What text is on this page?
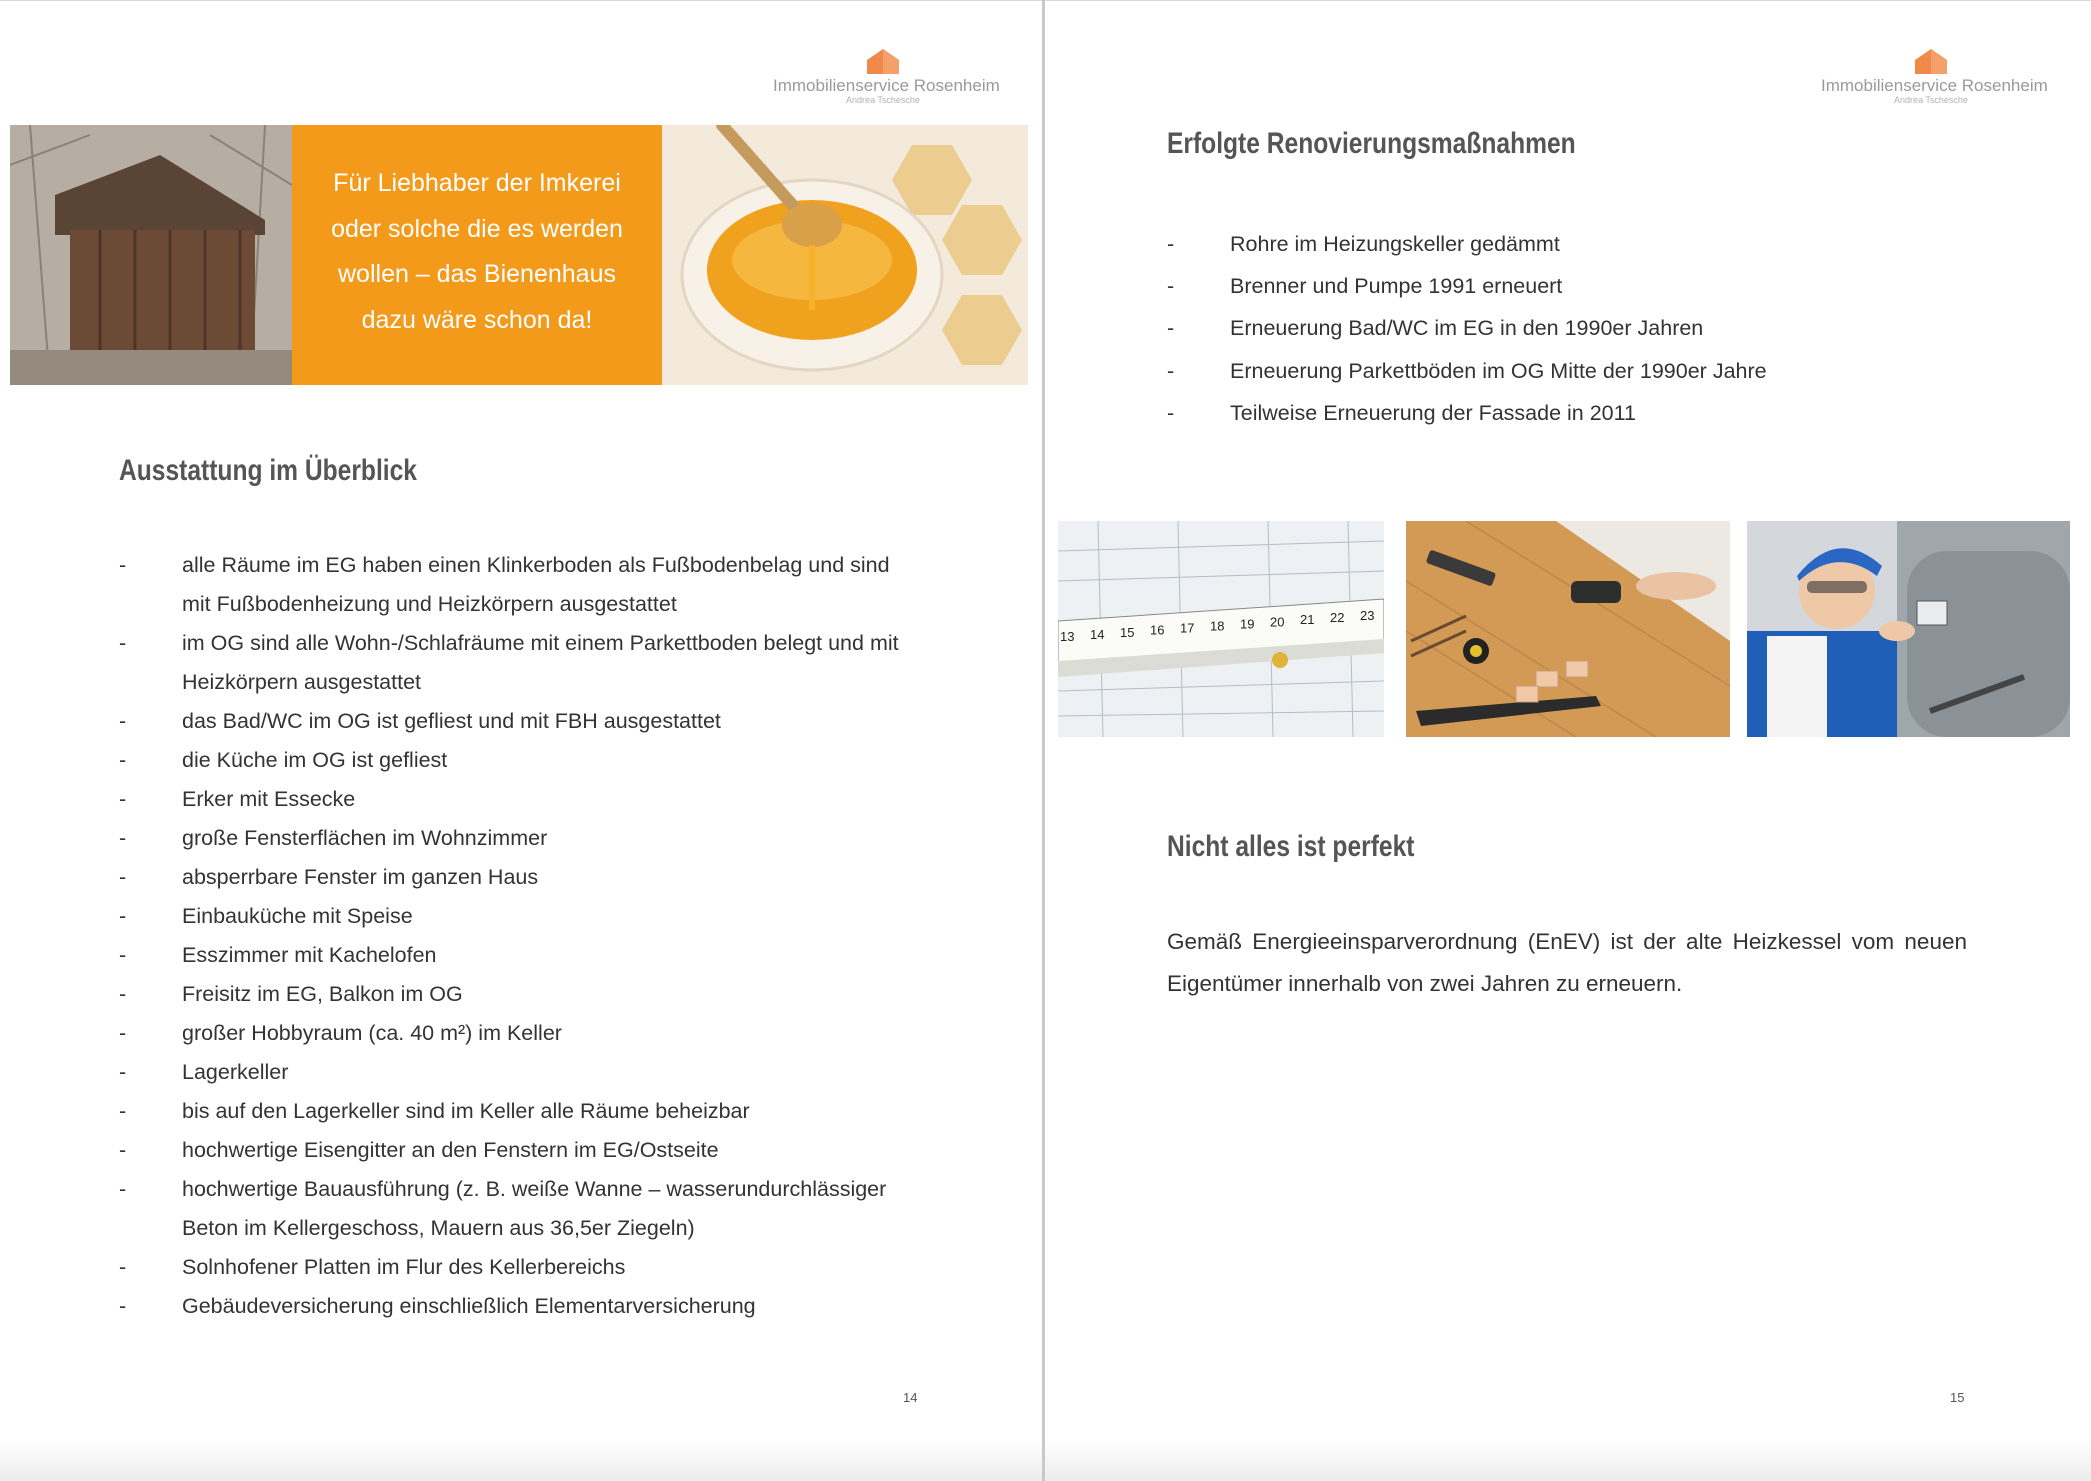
Immobilienservice Rosenheim
Andrea Tschesche
Für Liebhaber der Imkerei
oder solche die es werden
wollen – das Bienenhaus
dazu wäre schon da!
Ausstattung im Überblick
-	alle Räume im EG haben einen Klinkerboden als Fußbodenbelag und sind mit Fußbodenheizung und Heizkörpern ausgestattet
-	im OG sind alle Wohn-/Schlafräume mit einem Parkettboden belegt und mit Heizkörpern ausgestattet
-	das Bad/WC im OG ist gefliest und mit FBH ausgestattet
-	die Küche im OG ist gefliest
-	Erker mit Essecke
-	große Fensterflächen im Wohnzimmer
-	absperrbare Fenster im ganzen Haus
-	Einbauküche mit Speise
-	Esszimmer mit Kachelofen
-	Freisitz im EG, Balkon im OG
-	großer Hobbyraum (ca. 40 m²) im Keller
-	Lagerkeller
-	bis auf den Lagerkeller sind im Keller alle Räume beheizbar
-	hochwertige Eisengitter an den Fenstern im EG/Ostseite
-	hochwertige Bauausführung (z. B. weiße Wanne – wasserundurchlässiger Beton im Kellergeschoss, Mauern aus 36,5er Ziegeln)
-	Solnhofener Platten im Flur des Kellerbereichs
-	Gebäudeversicherung einschließlich Elementarversicherung
14
Immobilienservice Rosenheim
Andrea Tschesche
Erfolgte Renovierungsmaßnahmen
-	Rohre im Heizungskeller gedämmt
-	Brenner und Pumpe 1991 erneuert
-	Erneuerung Bad/WC im EG in den 1990er Jahren
-	Erneuerung Parkettböden im OG Mitte der 1990er Jahre
-	Teilweise Erneuerung der Fassade in 2011
13 14 15 16 17 18 19 20 21 22 23
Nicht alles ist perfekt
Gemäß Energieeinsparverordnung (EnEV) ist der alte Heizkessel vom neuen Eigentümer innerhalb von zwei Jahren zu erneuern.
15
